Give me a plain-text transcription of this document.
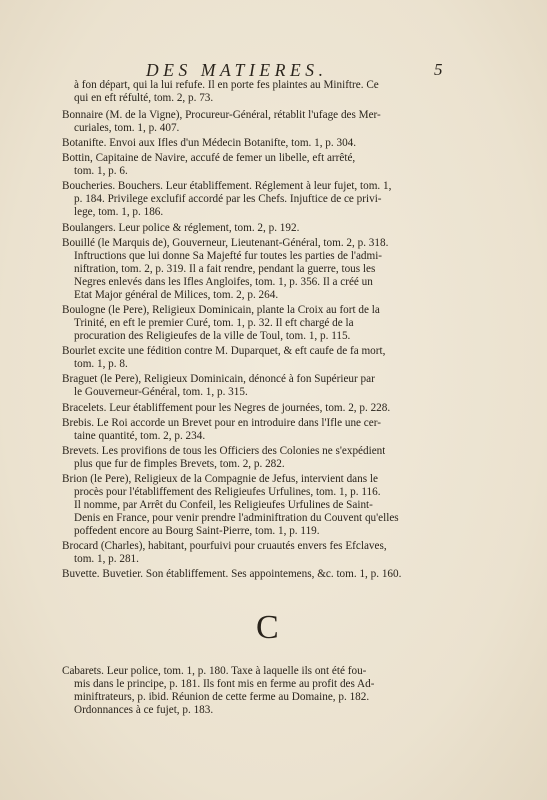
DES MATIERES.	5
à fon départ, qui la lui refufe. Il en porte fes plaintes au Miniftre. Ce
qui en eft réfulté, tom. 2, p. 73.
Bonnaire (M. de la Vigne), Procureur-Général, rétablit l'ufage des Mer-
curiales, tom. 1, p. 407.
Botanifte. Envoi aux Ifles d'un Médecin Botanifte, tom. 1, p. 304.
Bottin, Capitaine de Navire, accufé de femer un libelle, eft arrêté,
tom. 1, p. 6.
Boucheries. Bouchers. Leur établiffement. Réglement à leur fujet, tom. 1,
p. 184. Privilege exclufif accordé par les Chefs. Injuftice de ce privi-
lege, tom. 1, p. 186.
Boulangers. Leur police & réglement, tom. 2, p. 192.
Bouillé (le Marquis de), Gouverneur, Lieutenant-Général, tom. 2, p. 318.
Inftructions que lui donne Sa Majefté fur toutes les parties de l'admi-
niftration, tom. 2, p. 319. Il a fait rendre, pendant la guerre, tous les
Negres enlevés dans les Ifles Angloifes, tom. 1, p. 356. Il a créé un
Etat Major général de Milices, tom. 2, p. 264.
Boulogne (le Pere), Religieux Dominicain, plante la Croix au fort de la
Trinité, en eft le premier Curé, tom. 1, p. 32. Il eft chargé de la
procuration des Religieufes de la ville de Toul, tom. 1, p. 115.
Bourlet excite une fédition contre M. Duparquet, & eft caufe de fa mort,
tom. 1, p. 8.
Braguet (le Pere), Religieux Dominicain, dénoncé à fon Supérieur par
le Gouverneur-Général, tom. 1, p. 315.
Bracelets. Leur établiffement pour les Negres de journées, tom. 2, p. 228.
Brebis. Le Roi accorde un Brevet pour en introduire dans l'Ifle une cer-
taine quantité, tom. 2, p. 234.
Brevets. Les provifions de tous les Officiers des Colonies ne s'expédient
plus que fur de fimples Brevets, tom. 2, p. 282.
Brion (le Pere), Religieux de la Compagnie de Jefus, intervient dans le
procès pour l'établiffement des Religieufes Urfulines, tom. 1, p. 116.
Il nomme, par Arrêt du Confeil, les Religieufes Urfulines de Saint-
Denis en France, pour venir prendre l'adminiftration du Couvent qu'elles
poffedent encore au Bourg Saint-Pierre, tom. 1, p. 119.
Brocard (Charles), habitant, pourfuivi pour cruautés envers fes Efclaves,
tom. 1, p. 281.
Buvette. Buvetier. Son établiffement. Ses appointemens, &c. tom. 1, p. 160.
C
Cabarets. Leur police, tom. 1, p. 180. Taxe à laquelle ils ont été fou-
mis dans le principe, p. 181. Ils font mis en ferme au profit des Ad-
miniftrateurs, p. ibid. Réunion de cette ferme au Domaine, p. 182.
Ordonnances à ce fujet, p. 183.
